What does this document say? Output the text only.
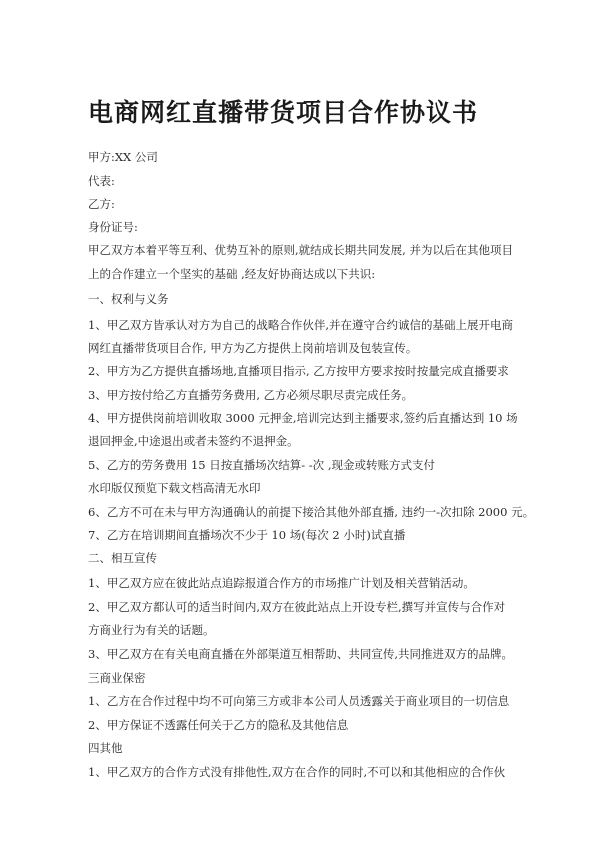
电商网红直播带货项目合作协议书
甲方:XX 公司
代表:
乙方:
身份证号:
甲乙双方本着平等互利、优势互补的原则,就结成长期共同发展, 并为以后在其他项目
上的合作建立一个坚实的基础 ,经友好协商达成以下共识:
一、权利与义务
1、甲乙双方皆承认对方为自己的战略合作伙伴,并在遵守合约诚信的基础上展开电商
网红直播带货项目合作, 甲方为乙方提供上岗前培训及包装宣传。
2、甲方为乙方提供直播场地,直播项目指示, 乙方按甲方要求按时按量完成直播要求
3、甲方按付给乙方直播劳务费用, 乙方必须尽职尽责完成任务。
4、甲方提供岗前培训收取 3000 元押金,培训完达到主播要求,签约后直播达到 10 场
退回押金,中途退出或者未签约不退押金。
5、乙方的劳务费用 15 日按直播场次结算- -次 ,现金或转账方式支付
水印版仅预览下载文档高清无水印
6、乙方不可在未与甲方沟通确认的前提下接洽其他外部直播, 违约一-次扣除 2000 元。
7、乙方在培训期间直播场次不少于 10 场(每次 2 小时)试直播
二、相互宣传
1、甲乙双方应在彼此站点追踪报道合作方的市场推广计划及相关营销活动。
2、甲乙双方都认可的适当时间内,双方在彼此站点上开设专栏,撰写并宣传与合作对
方商业行为有关的话题。
3、甲乙双方在有关电商直播在外部渠道互相帮助、共同宣传,共同推进双方的品牌。
三商业保密
1、乙方在合作过程中均不可向第三方或非本公司人员透露关于商业项目的一切信息
2、甲方保证不透露任何关于乙方的隐私及其他信息
四其他
1、甲乙双方的合作方式没有排他性,双方在合作的同时,不可以和其他相应的合作伙
